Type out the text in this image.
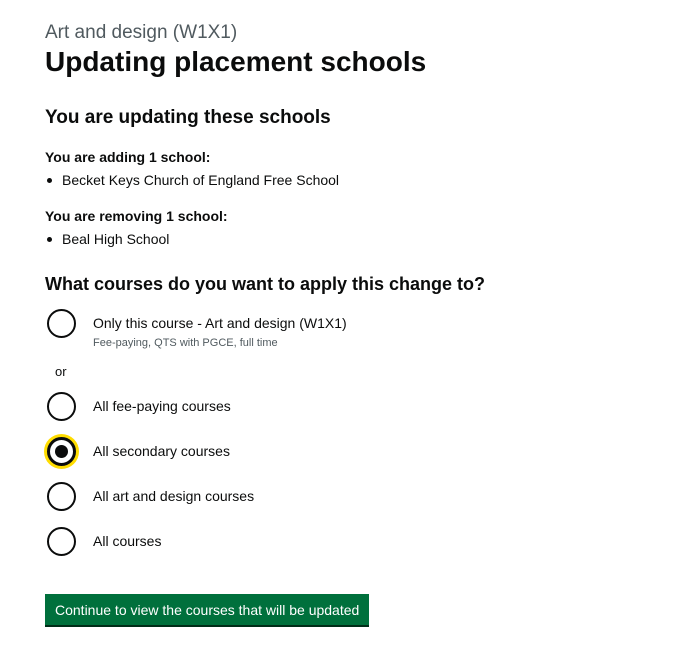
Art and design (W1X1)

Updating placement schools
You are updating these schools

You are adding 1 school:

Becket Keys Church of England Free School

You are removing 1 school:

Beal High School
What courses do you want to apply this change to?
Only this course - Art and design (W1X1)
Fee-paying, QTS with PGCE, full time
or
All fee-paying courses
All secondary courses
All art and design courses
All courses
Continue to view the courses that will be updated
